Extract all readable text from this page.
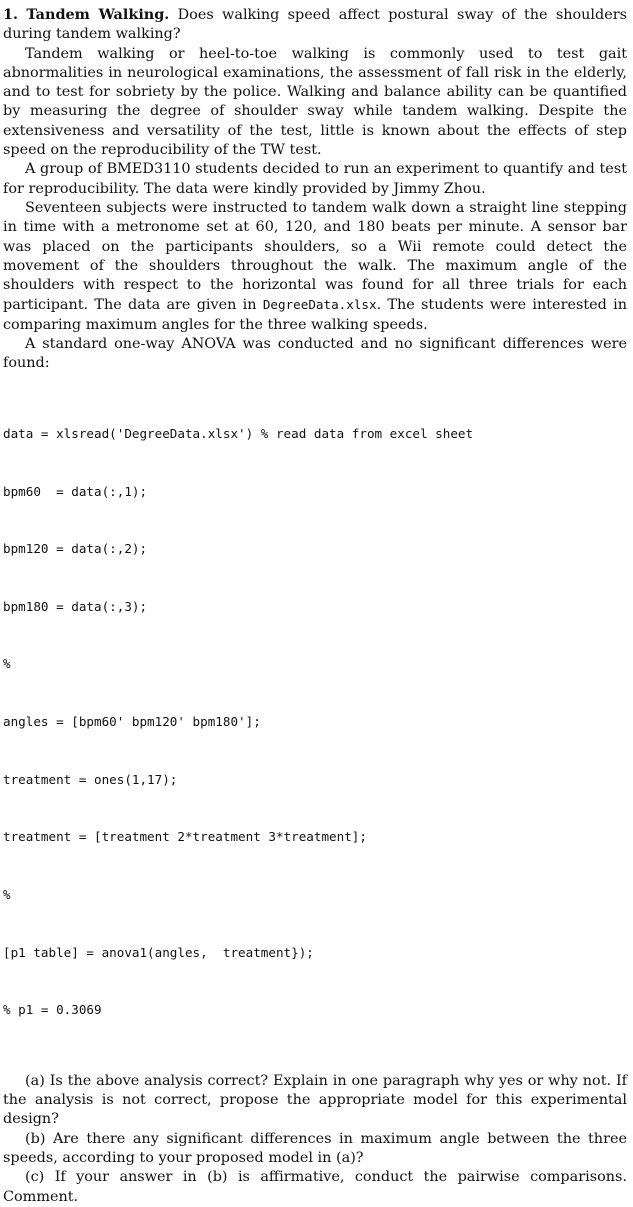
1. Tandem Walking. Does walking speed affect postural sway of the shoulders during tandem walking?

Tandem walking or heel-to-toe walking is commonly used to test gait abnormalities in neurological examinations, the assessment of fall risk in the elderly, and to test for sobriety by the police. Walking and balance ability can be quantified by measuring the degree of shoulder sway while tandem walking. Despite the extensiveness and versatility of the test, little is known about the effects of step speed on the reproducibility of the TW test.

A group of BMED3110 students decided to run an experiment to quantify and test for reproducibility. The data were kindly provided by Jimmy Zhou.

Seventeen subjects were instructed to tandem walk down a straight line stepping in time with a metronome set at 60, 120, and 180 beats per minute. A sensor bar was placed on the participants shoulders, so a Wii remote could detect the movement of the shoulders throughout the walk. The maximum angle of the shoulders with respect to the horizontal was found for all three trials for each participant. The data are given in DegreeData.xlsx. The students were interested in comparing maximum angles for the three walking speeds.

A standard one-way ANOVA was conducted and no significant differences were found:

data = xlsread('DegreeData.xlsx') % read data from excel sheet

bpm60  = data(:,1);

bpm120 = data(:,2);

bpm180 = data(:,3);

%

angles = [bpm60' bpm120' bpm180'];

treatment = ones(1,17);

treatment = [treatment 2*treatment 3*treatment];

%

[p1 table] = anova1(angles,  treatment});

% p1 = 0.3069

(a) Is the above analysis correct? Explain in one paragraph why yes or why not. If the analysis is not correct, propose the appropriate model for this experimental design?

(b) Are there any significant differences in maximum angle between the three speeds, according to your proposed model in (a)?

(c) If your answer in (b) is affirmative, conduct the pairwise comparisons. Comment.
